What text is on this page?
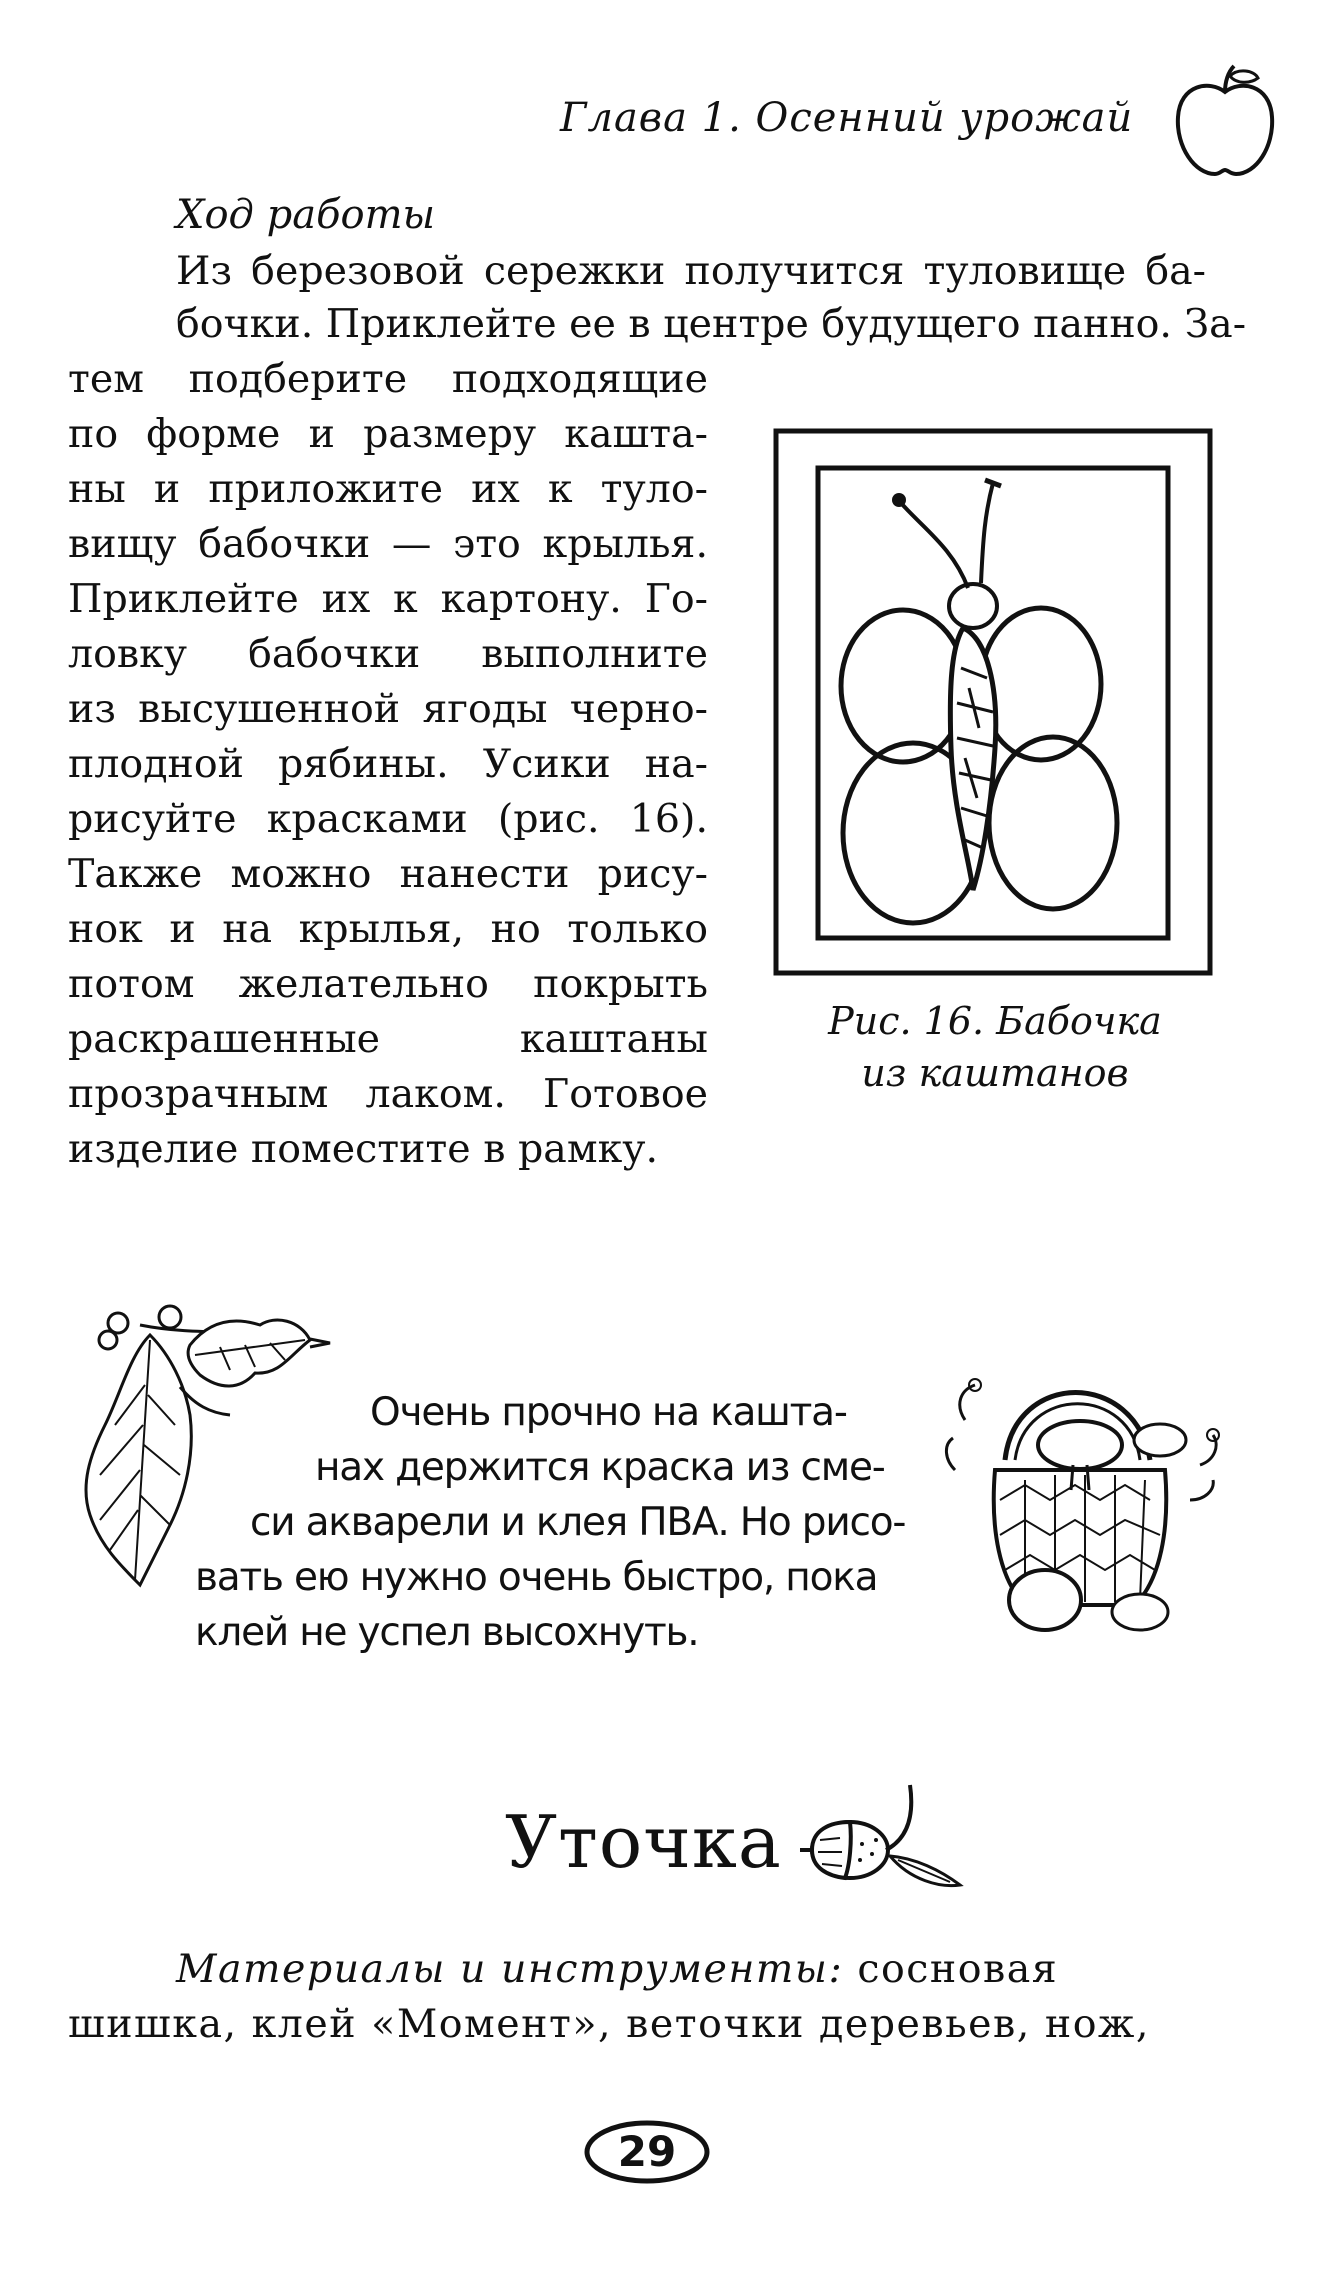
Глава 1. Осенний урожай
Ход работы
Из березовой сережки получится туловище ба-
бочки. Приклейте ее в центре будущего панно. За-
тем подберите подходящие
по форме и размеру кашта-
ны и приложите их к туло-
вищу бабочки — это крылья.
Приклейте их к картону. Го-
ловку бабочки выполните
из высушенной ягоды черно-
плодной рябины. Усики на-
рисуйте красками (рис. 16).
Также можно нанести рису-
нок и на крылья, но только
потом желательно покрыть
раскрашенные каштаны
прозрачным лаком. Готовое
изделие поместите в рамку.
Рис. 16. Бабочка
из каштанов
Очень прочно на кашта-
нах держится краска из сме-
си акварели и клея ПВА. Но рисо-
вать ею нужно очень быстро, пока
клей не успел высохнуть.
Уточка
Материалы и инструменты: сосновая
шишка, клей «Момент», веточки деревьев, нож,
29
